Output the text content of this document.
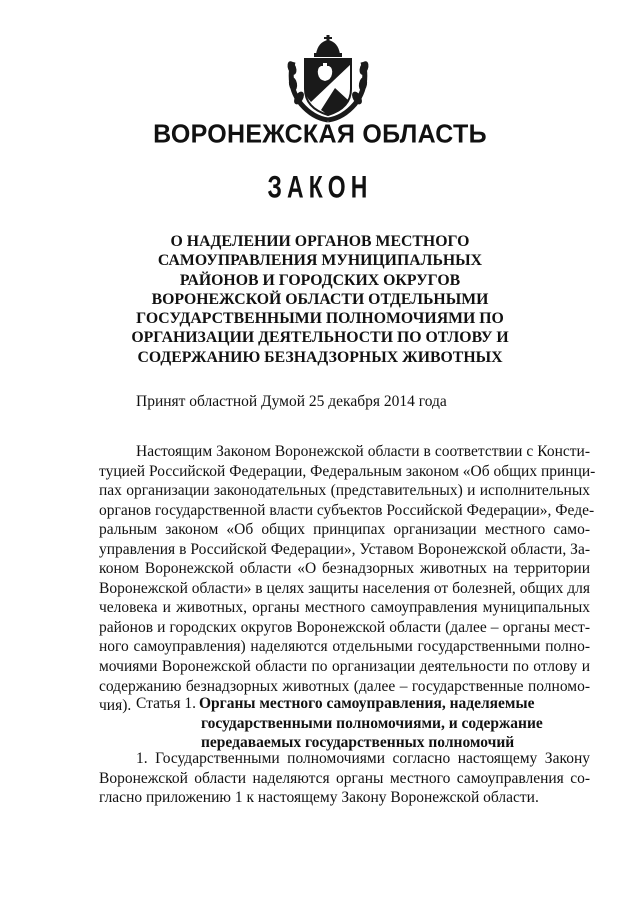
ВОРОНЕЖСКАЯ ОБЛАСТЬ
ЗАКОН
О НАДЕЛЕНИИ ОРГАНОВ МЕСТНОГО
САМОУПРАВЛЕНИЯ МУНИЦИПАЛЬНЫХ
РАЙОНОВ И ГОРОДСКИХ ОКРУГОВ
ВОРОНЕЖСКОЙ ОБЛАСТИ ОТДЕЛЬНЫМИ
ГОСУДАРСТВЕННЫМИ ПОЛНОМОЧИЯМИ ПО
ОРГАНИЗАЦИИ ДЕЯТЕЛЬНОСТИ ПО ОТЛОВУ И
СОДЕРЖАНИЮ БЕЗНАДЗОРНЫХ ЖИВОТНЫХ
Принят областной Думой 25 декабря 2014 года
Настоящим Законом Воронежской области в соответствии с Консти-
туцией Российской Федерации, Федеральным законом «Об общих принци-
пах организации законодательных (представительных) и исполнительных
органов государственной власти субъектов Российской Федерации», Феде-
ральным законом «Об общих принципах организации местного само-
управления в Российской Федерации», Уставом Воронежской области, За-
коном Воронежской области «О безнадзорных животных на территории
Воронежской области» в целях защиты населения от болезней, общих для
человека и животных, органы местного самоуправления муниципальных
районов и городских округов Воронежской области (далее – органы мест-
ного самоуправления) наделяются отдельными государственными полно-
мочиями Воронежской области по организации деятельности по отлову и
содержанию безнадзорных животных (далее – государственные полномо-
чия). Статья 1. Органы местного самоуправления, наделяемые
государственными полномочиями, и содержание
передаваемых государственных полномочий
1. Государственными полномочиями согласно настоящему Закону
Воронежской области наделяются органы местного самоуправления со-
гласно приложению 1 к настоящему Закону Воронежской области.
